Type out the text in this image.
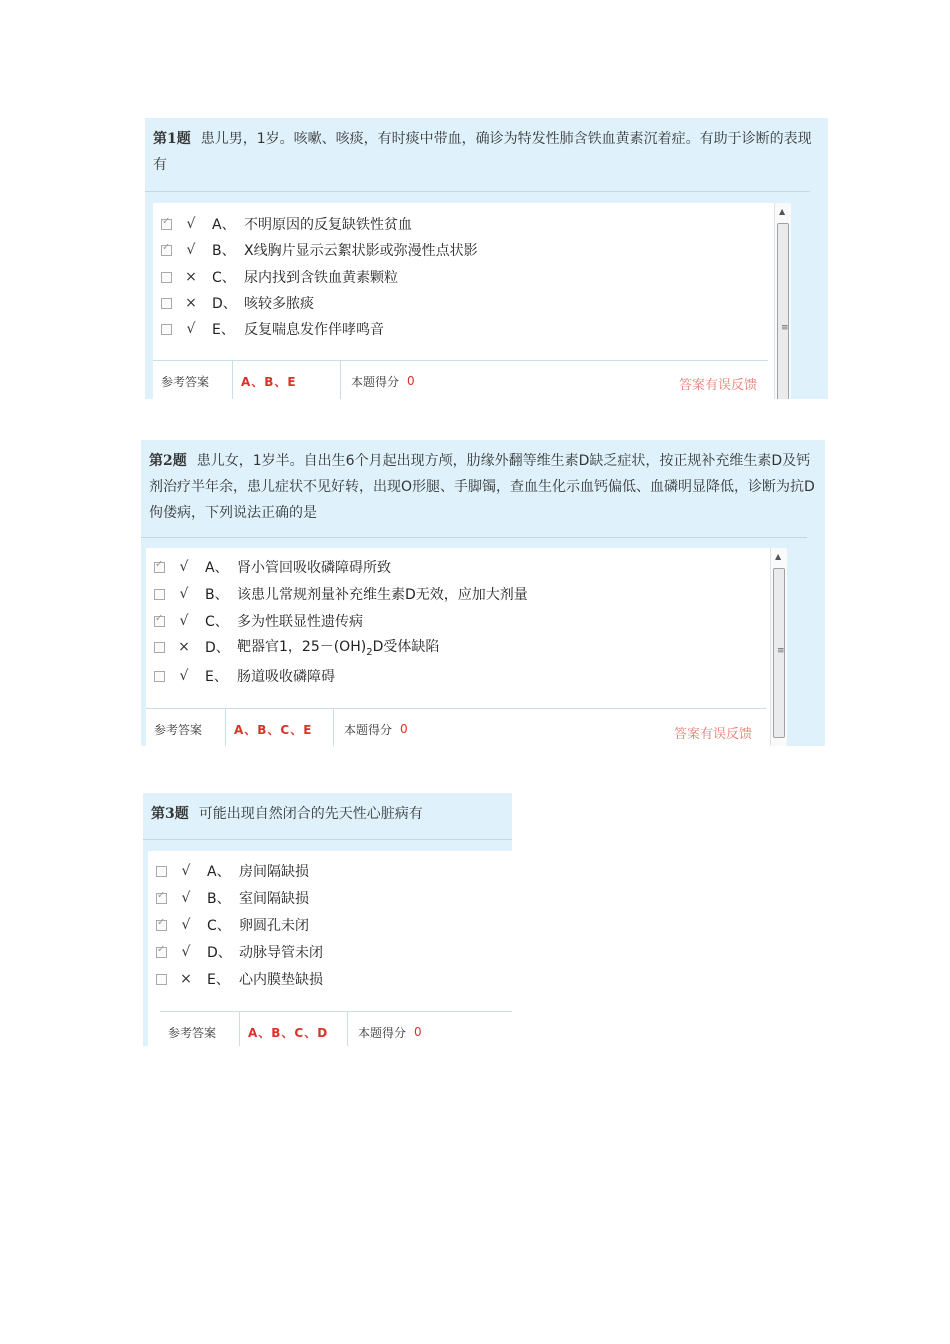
第1题 患儿男，1岁。咳嗽、咳痰，有时痰中带血，确诊为特发性肺含铁血黄素沉着症。有助于诊断的表现有
✓
√ A、 不明原因的反复缺铁性贫血
✓
√ B、 X线胸片显示云絮状影或弥漫性点状影
× C、 尿内找到含铁血黄素颗粒
× D、 咳较多脓痰
√ E、 反复喘息发作伴哮鸣音
参考答案	A、B、E	本题得分 0	答案有误反馈
▲
≡
第2题 患儿女，1岁半。自出生6个月起出现方颅，肋缘外翻等维生素D缺乏症状，按正规补充维生素D及钙剂治疗半年余，患儿症状不见好转，出现O形腿、手脚镯，查血生化示血钙偏低、血磷明显降低，诊断为抗D佝偻病，下列说法正确的是
✓
√ A、 肾小管回吸收磷障碍所致
√ B、 该患儿常规剂量补充维生素D无效，应加大剂量
✓
√ C、 多为性联显性遗传病
× D、 靶器官1，$25-(OH)_2D$受体缺陷
√ E、 肠道吸收磷障碍
参考答案	A、B、C、E	本题得分 0	答案有误反馈
▲
≡
第3题 可能出现自然闭合的先天性心脏病有
√ A、 房间隔缺损
✓
√ B、 室间隔缺损
✓
√ C、 卵圆孔未闭
✓
√ D、 动脉导管未闭
× E、 心内膜垫缺损
参考答案	A、B、C、D	本题得分 0
